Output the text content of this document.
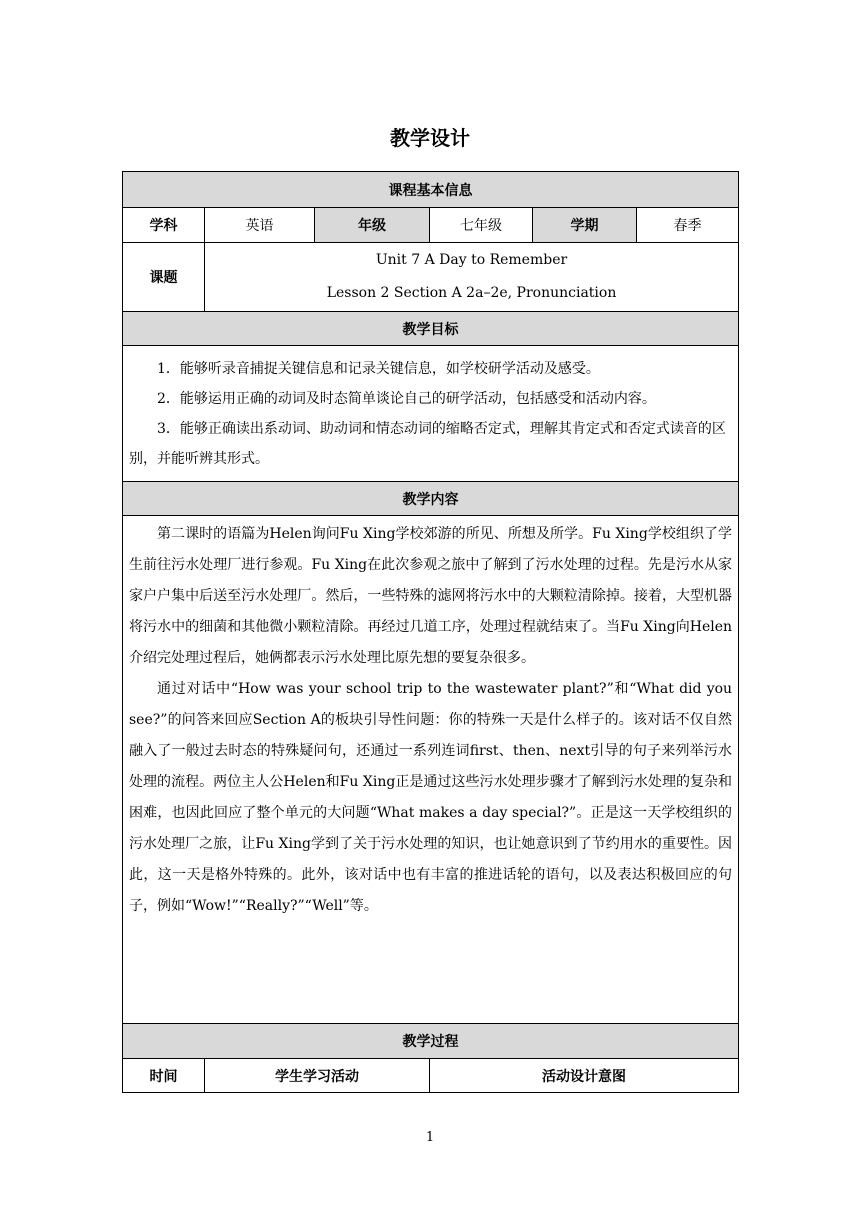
教学设计
课程基本信息					
学科	英语	年级	七年级	学期	春季
课题	Unit 7 A Day to Remember
Lesson 2 Section A 2a–2e, Pronunciation				

教学目标					

1．能够听录音捕捉关键信息和记录关键信息，如学校研学活动及感受。

2．能够运用正确的动词及时态简单谈论自己的研学活动，包括感受和活动内容。

3．能够正确读出系动词、助动词和情态动词的缩略否定式，理解其肯定式和否定式读音的区别，并能听辨其形式。					

教学内容					

第二课时的语篇为Helen询问Fu Xing学校郊游的所见、所想及所学。Fu Xing学校组织了学生前往污水处理厂进行参观。Fu Xing在此次参观之旅中了解到了污水处理的过程。先是污水从家家户户集中后送至污水处理厂。然后，一些特殊的滤网将污水中的大颗粒清除掉。接着，大型机器将污水中的细菌和其他微小颗粒清除。再经过几道工序，处理过程就结束了。当Fu Xing向Helen介绍完处理过程后，她俩都表示污水处理比原先想的要复杂很多。

通过对话中“How was your school trip to the wastewater plant?”和“What did you see?”的问答来回应Section A的板块引导性问题：你的特殊一天是什么样子的。该对话不仅自然融入了一般过去时态的特殊疑问句，还通过一系列连词first、then、next引导的句子来列举污水处理的流程。两位主人公Helen和Fu Xing正是通过这些污水处理步骤才了解到污水处理的复杂和困难，也因此回应了整个单元的大问题“What makes a day special?”。正是这一天学校组织的污水处理厂之旅，让Fu Xing学到了关于污水处理的知识，也让她意识到了节约用水的重要性。因此，这一天是格外特殊的。此外，该对话中也有丰富的推进话轮的语句，以及表达积极回应的句子，例如“Wow!”“Really?”“Well”等。					

教学过程					
时间	学生学习活动		活动设计意图		
1
